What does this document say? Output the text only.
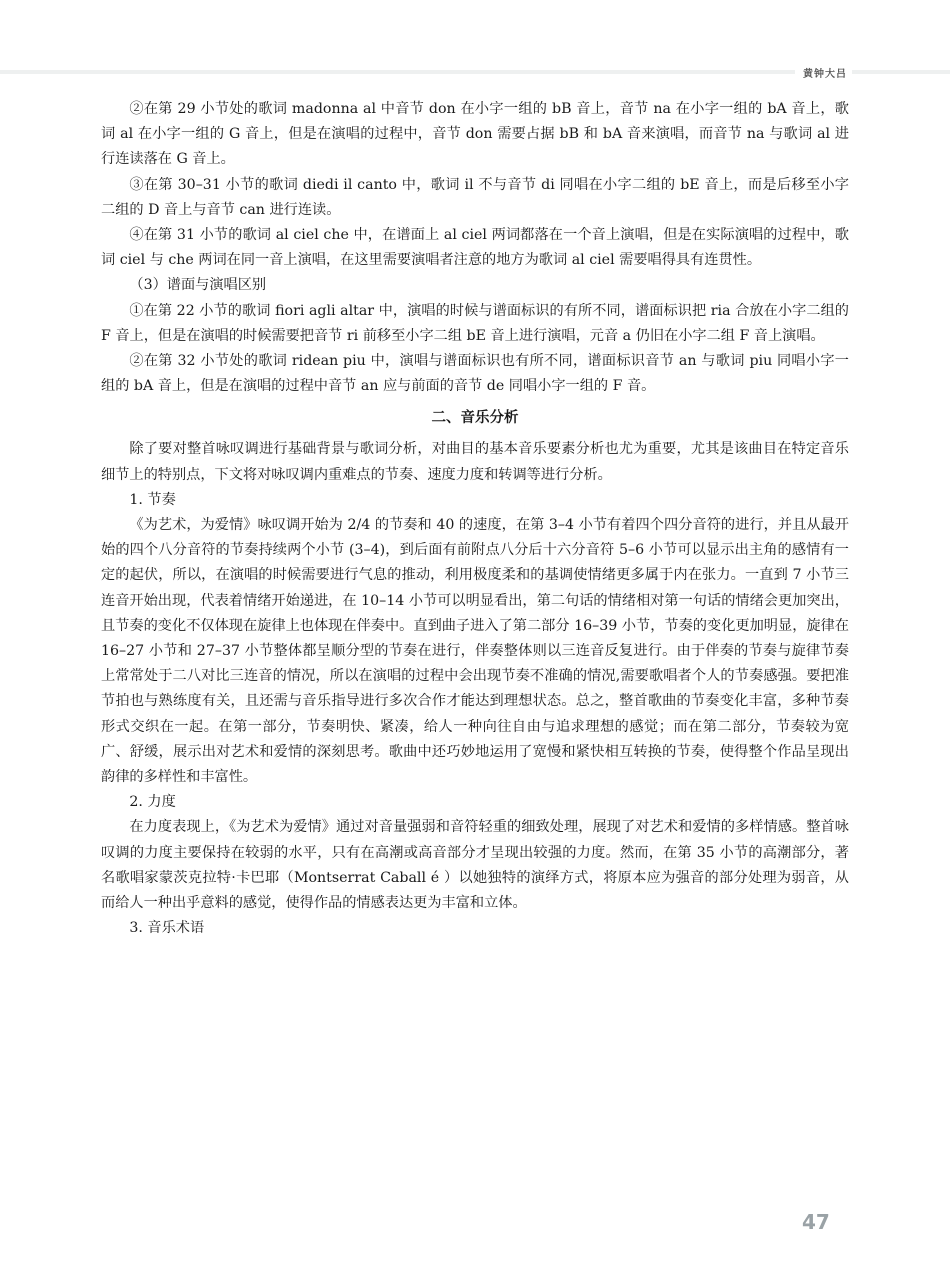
黄钟大吕

②在第 29 小节处的歌词 madonna al 中音节 don 在小字一组的 bB 音上，音节 na 在小字一组的 bA 音上，歌词 al 在小字一组的 G 音上，但是在演唱的过程中，音节 don 需要占据 bB 和 bA 音来演唱，而音节 na 与歌词 al 进行连读落在 G 音上。

③在第 30–31 小节的歌词 diedi il canto 中，歌词 il 不与音节 di 同唱在小字二组的 bE 音上，而是后移至小字二组的 D 音上与音节 can 进行连读。

④在第 31 小节的歌词 al ciel che 中，在谱面上 al ciel 两词都落在一个音上演唱，但是在实际演唱的过程中，歌词 ciel 与 che 两词在同一音上演唱，在这里需要演唱者注意的地方为歌词 al ciel 需要唱得具有连贯性。

（3）谱面与演唱区别

①在第 22 小节的歌词 fiori agli altar 中，演唱的时候与谱面标识的有所不同，谱面标识把 ria 合放在小字二组的 F 音上，但是在演唱的时候需要把音节 ri 前移至小字二组 bE 音上进行演唱，元音 a 仍旧在小字二组 F 音上演唱。

②在第 32 小节处的歌词 ridean piu 中，演唱与谱面标识也有所不同，谱面标识音节 an 与歌词 piu 同唱小字一组的 bA 音上，但是在演唱的过程中音节 an 应与前面的音节 de 同唱小字一组的 F 音。

二、音乐分析

除了要对整首咏叹调进行基础背景与歌词分析，对曲目的基本音乐要素分析也尤为重要，尤其是该曲目在特定音乐细节上的特别点，下文将对咏叹调内重难点的节奏、速度力度和转调等进行分析。

1. 节奏

《为艺术，为爱情》咏叹调开始为 2/4 的节奏和 40 的速度，在第 3–4 小节有着四个四分音符的进行，并且从最开始的四个八分音符的节奏持续两个小节 (3–4)，到后面有前附点八分后十六分音符 5–6 小节可以显示出主角的感情有一定的起伏，所以，在演唱的时候需要进行气息的推动，利用极度柔和的基调使情绪更多属于内在张力。一直到 7 小节三连音开始出现，代表着情绪开始递进，在 10–14 小节可以明显看出，第二句话的情绪相对第一句话的情绪会更加突出，且节奏的变化不仅体现在旋律上也体现在伴奏中。直到曲子进入了第二部分 16–39 小节，节奏的变化更加明显，旋律在 16–27 小节和 27–37 小节整体都呈顺分型的节奏在进行，伴奏整体则以三连音反复进行。由于伴奏的节奏与旋律节奏上常常处于二八对比三连音的情况，所以在演唱的过程中会出现节奏不准确的情况,需要歌唱者个人的节奏感强。要把准节拍也与熟练度有关，且还需与音乐指导进行多次合作才能达到理想状态。总之，整首歌曲的节奏变化丰富，多种节奏形式交织在一起。在第一部分，节奏明快、紧凑，给人一种向往自由与追求理想的感觉；而在第二部分，节奏较为宽广、舒缓，展示出对艺术和爱情的深刻思考。歌曲中还巧妙地运用了宽慢和紧快相互转换的节奏，使得整个作品呈现出韵律的多样性和丰富性。

2. 力度

在力度表现上，《为艺术为爱情》通过对音量强弱和音符轻重的细致处理，展现了对艺术和爱情的多样情感。整首咏叹调的力度主要保持在较弱的水平，只有在高潮或高音部分才呈现出较强的力度。然而，在第 35 小节的高潮部分，著名歌唱家蒙茨克拉特·卡巴耶（Montserrat Caball é ）以她独特的演绎方式，将原本应为强音的部分处理为弱音，从而给人一种出乎意料的感觉，使得作品的情感表达更为丰富和立体。

3. 音乐术语

47
